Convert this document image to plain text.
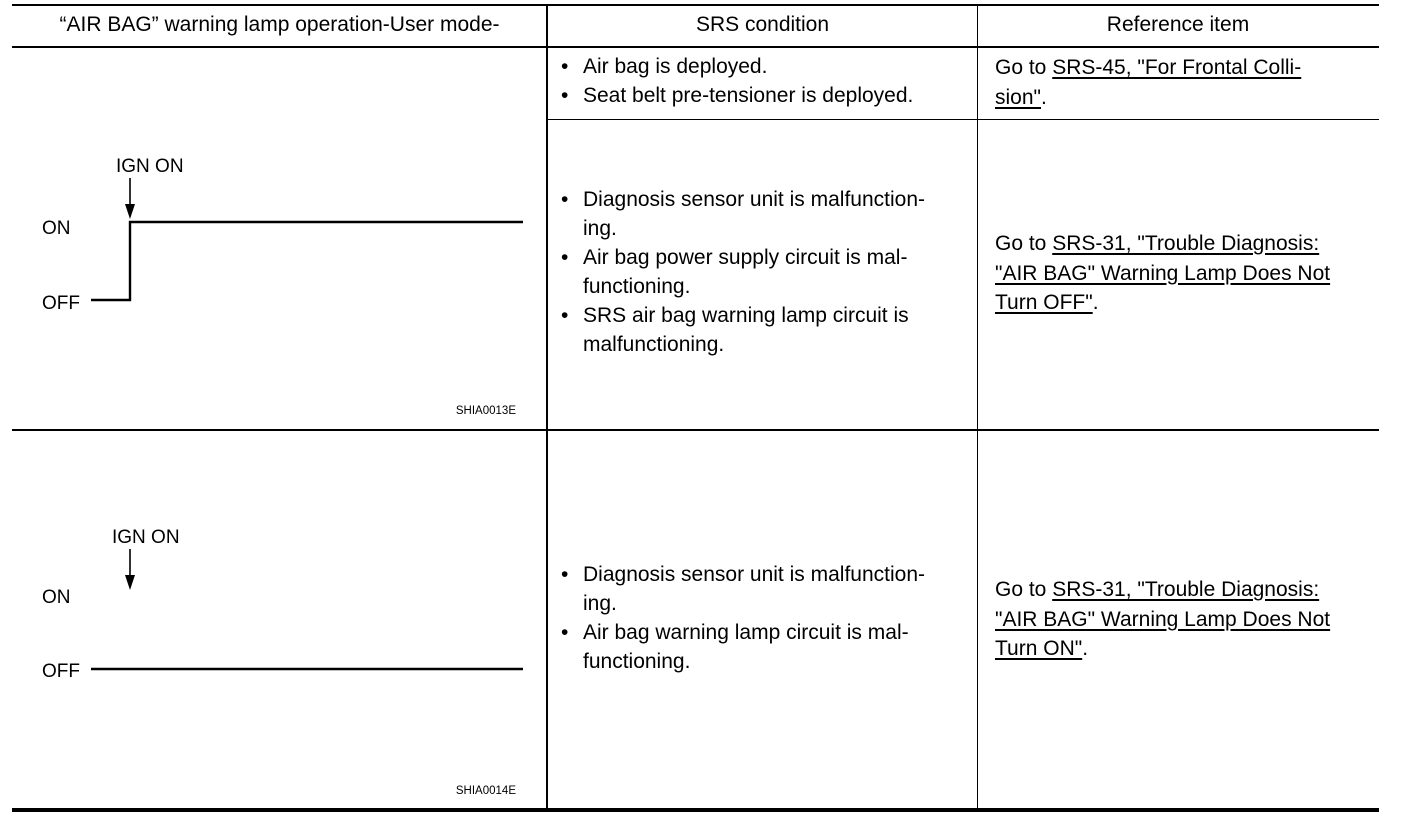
“AIR BAG” warning lamp operation-User mode-	SRS condition	Reference item
IGN ON
ON
OFF
SHIA0013E
• Air bag is deployed.
• Seat belt pre-tensioner is deployed.
Go to SRS-45, "For Frontal Colli-
sion".
• Diagnosis sensor unit is malfunction-
ing.
• Air bag power supply circuit is mal-
functioning.
• SRS air bag warning lamp circuit is
malfunctioning.
Go to SRS-31, "Trouble Diagnosis:
"AIR BAG" Warning Lamp Does Not
Turn OFF".
IGN ON
ON
OFF
SHIA0014E
• Diagnosis sensor unit is malfunction-
ing.
• Air bag warning lamp circuit is mal-
functioning.
Go to SRS-31, "Trouble Diagnosis:
"AIR BAG" Warning Lamp Does Not
Turn ON".
